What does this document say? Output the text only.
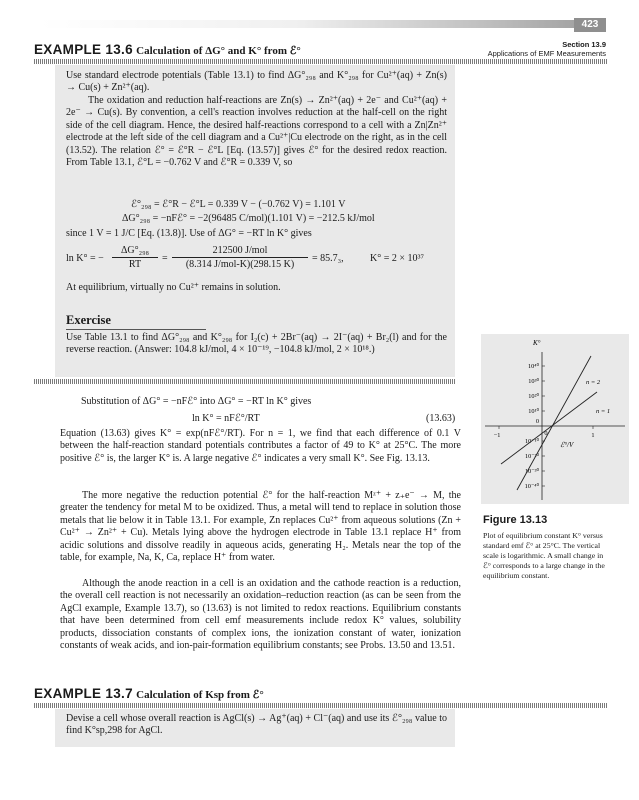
423
Section 13.9
Applications of EMF Measurements
EXAMPLE 13.6 Calculation of ΔG° and K° from ℰ°
Use standard electrode potentials (Table 13.1) to find ΔG°₂₉₈ and K°₂₉₈ for Cu²⁺(aq) + Zn(s) → Cu(s) + Zn²⁺(aq).
The oxidation and reduction half-reactions are Zn(s) → Zn²⁺(aq) + 2e⁻ and Cu²⁺(aq) + 2e⁻ → Cu(s). By convention, a cell's reaction involves reduction at the half-cell on the right side of the cell diagram. Hence, the desired half-reactions correspond to a cell with a Zn|Zn²⁺ electrode at the left side of the cell diagram and a Cu²⁺|Cu electrode on the right, as in the cell (13.52). The relation ℰ° = ℰ°R − ℰ°L [Eq. (13.57)] gives ℰ° for the desired redox reaction. From Table 13.1, ℰ°L = −0.762 V and ℰ°R = 0.339 V, so
ℰ°₂₉₈ = ℰ°R − ℰ°L = 0.339 V − (−0.762 V) = 1.101 V
ΔG°₂₉₈ = −nFℰ° = −2(96485 C/mol)(1.101 V) = −212.5 kJ/mol
since 1 V = 1 J/C [Eq. (13.8)]. Use of ΔG° = −RT ln K° gives
ln K° = −
ΔG°₂₉₈
RT
=
212500 J/mol
(8.314 J/mol-K)(298.15 K)
= 85.7₃,	K° = 2 × 10³⁷
At equilibrium, virtually no Cu²⁺ remains in solution.
Exercise
Use Table 13.1 to find ΔG°₂₉₈ and K°₂₉₈ for I₂(c) + 2Br⁻(aq) → 2I⁻(aq) + Br₂(l) and for the reverse reaction. (Answer: 104.8 kJ/mol, 4 × 10⁻¹⁹, −104.8 kJ/mol, 2 × 10¹⁸.)
Substitution of ΔG° = −nFℰ° into ΔG° = −RT ln K° gives
ln K° = nFℰ°/RT	(13.63)
Equation (13.63) gives K° = exp(nFℰ°/RT). For n = 1, we find that each difference of 0.1 V between the half-reaction standard potentials contributes a factor of 49 to K° at 25°C. The more positive ℰ° is, the larger K° is. A large negative ℰ° indicates a very small K°. See Fig. 13.13.
The more negative the reduction potential ℰ° for the half-reaction Mᶻ⁺ + z₊e⁻ → M, the greater the tendency for metal M to be oxidized. Thus, a metal will tend to replace in solution those metals that lie below it in Table 13.1. For example, Zn replaces Cu²⁺ from aqueous solutions (Zn + Cu²⁺ → Zn²⁺ + Cu). Metals lying above the hydrogen electrode in Table 13.1 replace H⁺ from acidic solutions and dissolve readily in aqueous acids, generating H₂. Metals near the top of the table, for example, Na, K, Ca, replace H⁺ from water.
Although the anode reaction in a cell is an oxidation and the cathode reaction is a reduction, the overall cell reaction is not necessarily an oxidation–reduction reaction (as can be seen from the AgCl example, Example 13.7), so (13.63) is not limited to redox reactions. Equilibrium constants that have been determined from cell emf measurements include redox K° values, solubility products, dissociation constants of complex ions, the ionization constant of water, ionization constants of weak acids, and ion-pair-formation equilibrium constants; see Probs. 13.50 and 13.51.
K°
10⁴⁰
10³⁰
10²⁰
10¹⁰
0
10⁻¹⁰
10⁻²⁰
10⁻³⁰
10⁻⁴⁰
−1	0	1
ℰ°/V
n = 2
n = 1
Figure 13.13
Plot of equilibrium constant K° versus standard emf ℰ° at 25°C. The vertical scale is logarithmic. A small change in ℰ° corresponds to a large change in the equilibrium constant.
EXAMPLE 13.7 Calculation of Ksp from ℰ°
Devise a cell whose overall reaction is AgCl(s) → Ag⁺(aq) + Cl⁻(aq) and use its ℰ°₂₉₈ value to find K°sp,298 for AgCl.
